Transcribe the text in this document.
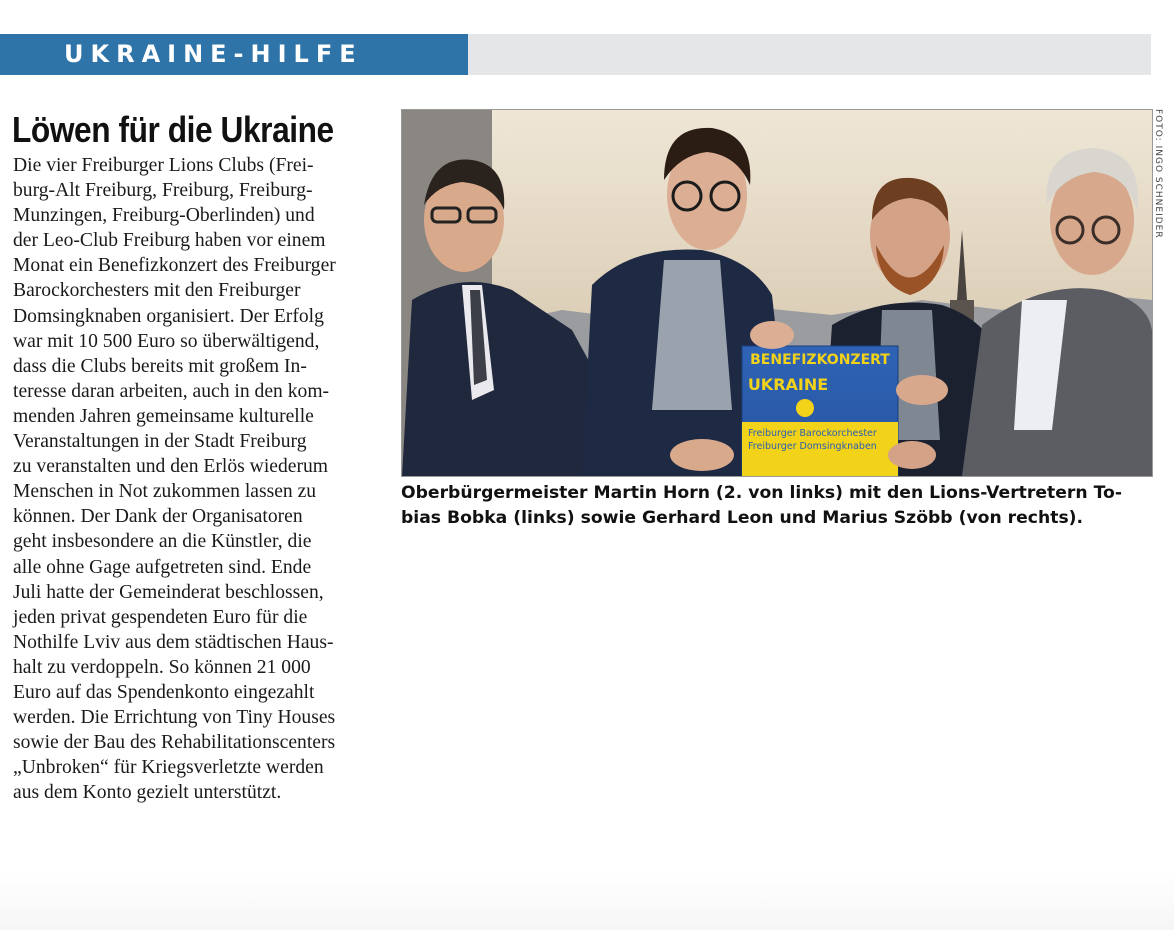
UKRAINE-HILFE
Löwen für die Ukraine
Die vier Freiburger Lions Clubs (Frei-
burg-Alt Freiburg, Freiburg, Freiburg-
Munzingen, Freiburg-Oberlinden) und
der Leo-Club Freiburg haben vor einem
Monat ein Benefizkonzert des Freiburger
Barockorchesters mit den Freiburger
Domsingknaben organisiert. Der Erfolg
war mit 10 500 Euro so überwältigend,
dass die Clubs bereits mit großem In-
teresse daran arbeiten, auch in den kom-
menden Jahren gemeinsame kulturelle
Veranstaltungen in der Stadt Freiburg
zu veranstalten und den Erlös wiederum
Menschen in Not zukommen lassen zu
können. Der Dank der Organisatoren
geht insbesondere an die Künstler, die
alle ohne Gage aufgetreten sind. Ende
Juli hatte der Gemeinderat beschlossen,
jeden privat gespendeten Euro für die
Nothilfe Lviv aus dem städtischen Haus-
halt zu verdoppeln. So können 21 000
Euro auf das Spendenkonto eingezahlt
werden. Die Errichtung von Tiny Houses
sowie der Bau des Rehabilitationscenters
„Unbroken“ für Kriegsverletzte werden
aus dem Konto gezielt unterstützt.
BENEFIZKONZERT
UKRAINE
Freiburger Barockorchester
Freiburger Domsingknaben
FOTO: INGO SCHNEIDER
Oberbürgermeister Martin Horn (2. von links) mit den Lions-Vertretern To-
bias Bobka (links) sowie Gerhard Leon und Marius Szöbb (von rechts).
